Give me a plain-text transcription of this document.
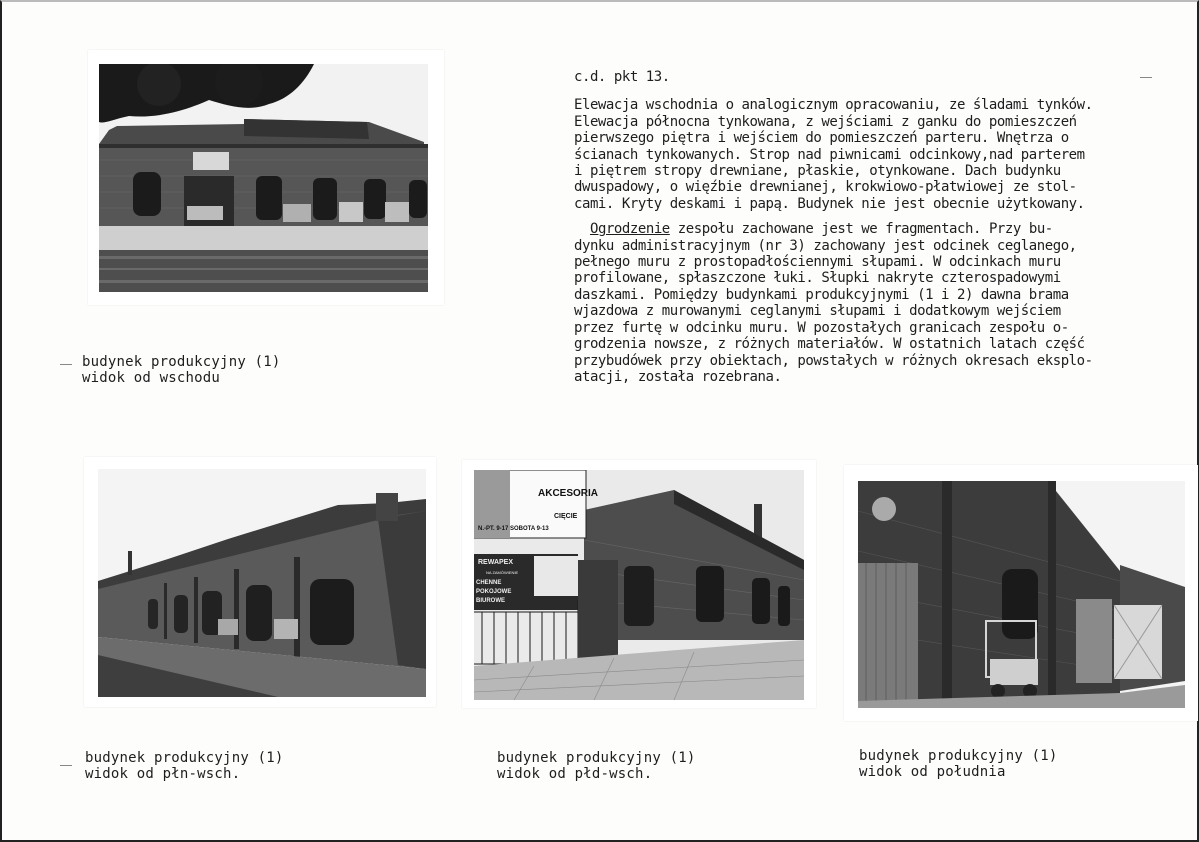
AKCESORIA
CIĘCIE
N.-PT. 9-17 SOBOTA 9-13
REWAPEX
NA ZAMÓWIENIE
CHENNE
POKOJOWE
BIUROWE
c.d. pkt 13.
Elewacja wschodnia o analogicznym opracowaniu, ze śladami tynków.
Elewacja północna tynkowana, z wejściami z ganku do pomieszczeń
pierwszego piętra i wejściem do pomieszczeń parteru. Wnętrza o
ścianach tynkowanych. Strop nad piwnicami odcinkowy,nad parterem
i piętrem stropy drewniane, płaskie, otynkowane. Dach budynku
dwuspadowy, o więźbie drewnianej, krokwiowo-płatwiowej ze stol-
cami. Kryty deskami i papą. Budynek nie jest obecnie użytkowany.
Ogrodzenie zespołu zachowane jest we fragmentach. Przy bu-
dynku administracyjnym (nr 3) zachowany jest odcinek ceglanego,
pełnego muru z prostopadłościennymi słupami. W odcinkach muru
profilowane, spłaszczone łuki. Słupki nakryte czterospadowymi
daszkami. Pomiędzy budynkami produkcyjnymi (1 i 2) dawna brama
wjazdowa z murowanymi ceglanymi słupami i dodatkowym wejściem
przez furtę w odcinku muru. W pozostałych granicach zespołu o-
grodzenia nowsze, z różnych materiałów. W ostatnich latach część
przybudówek przy obiektach, powstałych w różnych okresach eksplo-
atacji, została rozebrana.
budynek produkcyjny (1)
widok od wschodu
budynek produkcyjny (1)
widok od płn-wsch.
budynek produkcyjny (1)
widok od płd-wsch.
budynek produkcyjny (1)
widok od południa
